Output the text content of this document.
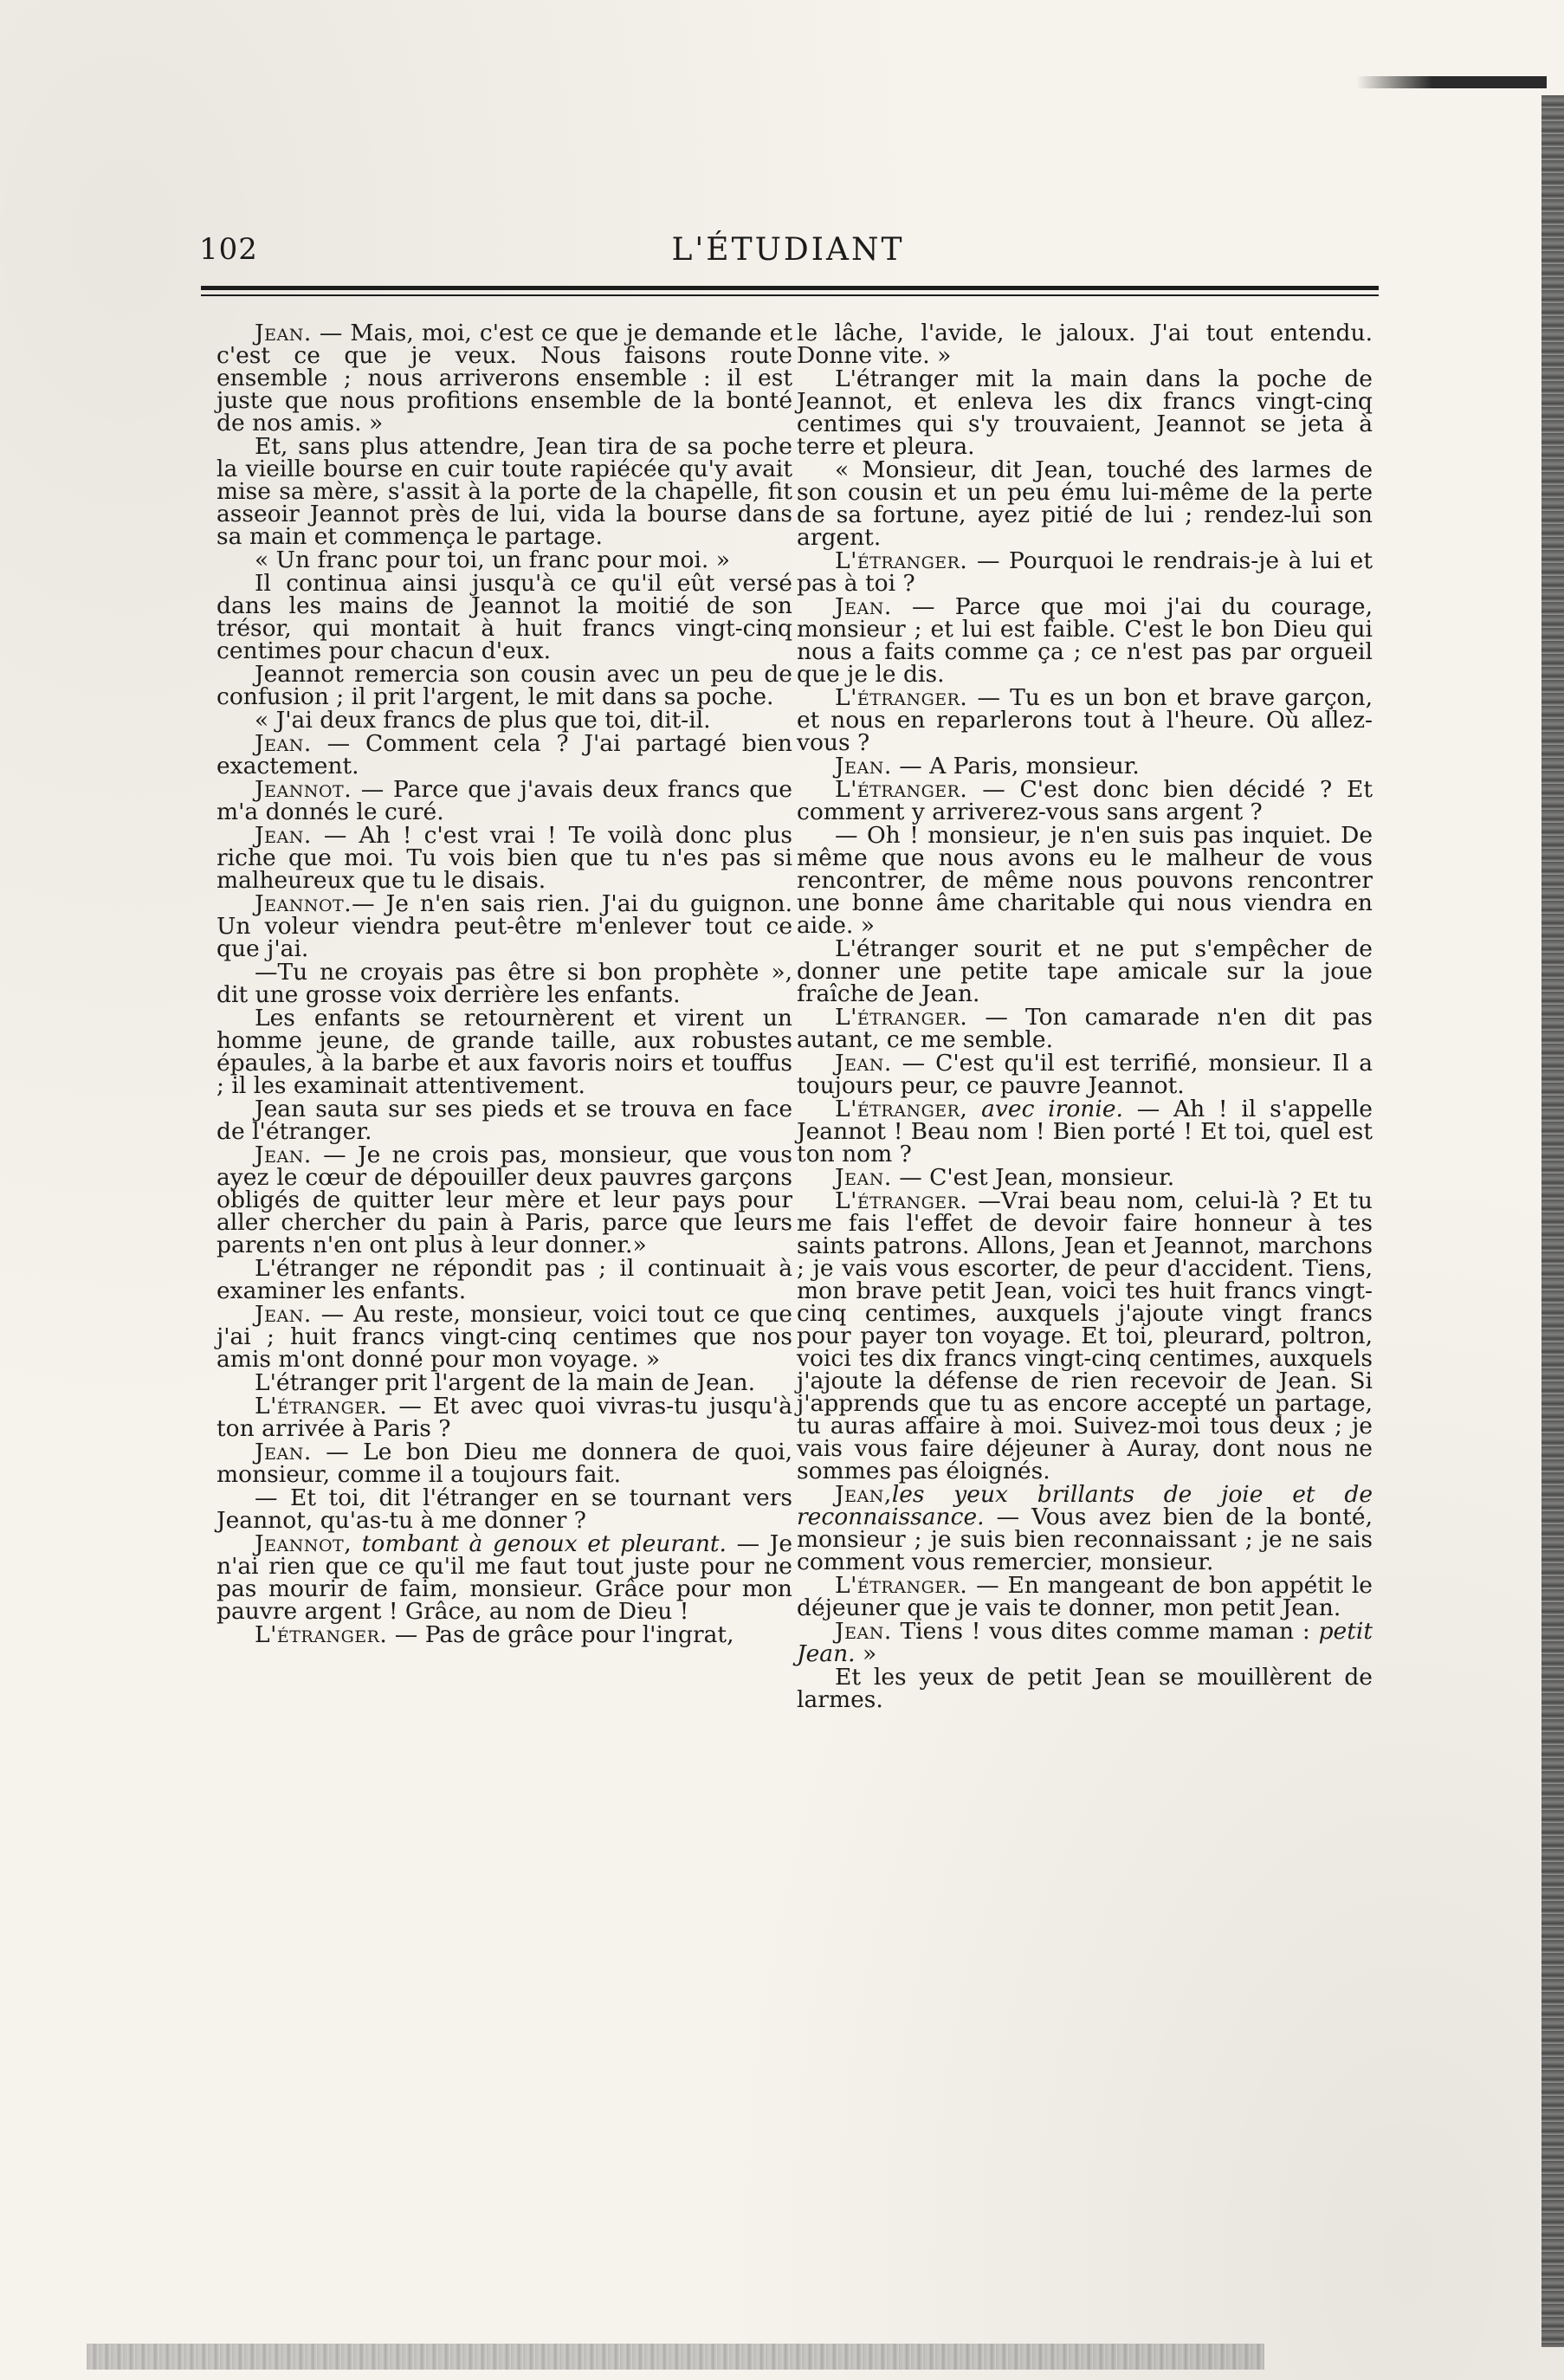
102	L'ÉTUDIANT

Jean. — Mais, moi, c'est ce que je demande et c'est ce que je veux. Nous faisons route ensemble ; nous arriverons ensemble : il est juste que nous profitions ensemble de la bonté de nos amis. »

Et, sans plus attendre, Jean tira de sa poche la vieille bourse en cuir toute rapiécée qu'y avait mise sa mère, s'assit à la porte de la chapelle, fit asseoir Jeannot près de lui, vida la bourse dans sa main et commença le partage.

« Un franc pour toi, un franc pour moi. »

Il continua ainsi jusqu'à ce qu'il eût versé dans les mains de Jeannot la moitié de son trésor, qui montait à huit francs vingt-cinq centimes pour chacun d'eux.

Jeannot remercia son cousin avec un peu de confusion ; il prit l'argent, le mit dans sa poche.

« J'ai deux francs de plus que toi, dit-il.

Jean. — Comment cela ? J'ai partagé bien exactement.

Jeannot. — Parce que j'avais deux francs que m'a donnés le curé.

Jean. — Ah ! c'est vrai ! Te voilà donc plus riche que moi. Tu vois bien que tu n'es pas si malheureux que tu le disais.

Jeannot.— Je n'en sais rien. J'ai du guignon. Un voleur viendra peut-être m'enlever tout ce que j'ai.

—Tu ne croyais pas être si bon prophète », dit une grosse voix derrière les enfants.

Les enfants se retournèrent et virent un homme jeune, de grande taille, aux robustes épaules, à la barbe et aux favoris noirs et touffus ; il les examinait attentivement.

Jean sauta sur ses pieds et se trouva en face de l'étranger.

Jean. — Je ne crois pas, monsieur, que vous ayez le cœur de dépouiller deux pauvres garçons obligés de quitter leur mère et leur pays pour aller chercher du pain à Paris, parce que leurs parents n'en ont plus à leur donner.»

L'étranger ne répondit pas ; il continuait à examiner les enfants.

Jean. — Au reste, monsieur, voici tout ce que j'ai ; huit francs vingt-cinq centimes que nos amis m'ont donné pour mon voyage. »

L'étranger prit l'argent de la main de Jean.

L'étranger. — Et avec quoi vivras-tu jusqu'à ton arrivée à Paris ?

Jean. — Le bon Dieu me donnera de quoi, monsieur, comme il a toujours fait.

— Et toi, dit l'étranger en se tournant vers Jeannot, qu'as-tu à me donner ?

Jeannot, tombant à genoux et pleurant. — Je n'ai rien que ce qu'il me faut tout juste pour ne pas mourir de faim, monsieur. Grâce pour mon pauvre argent ! Grâce, au nom de Dieu !

L'étranger. — Pas de grâce pour l'ingrat,

le lâche, l'avide, le jaloux. J'ai tout entendu. Donne vite. »

L'étranger mit la main dans la poche de Jeannot, et enleva les dix francs vingt-cinq centimes qui s'y trouvaient, Jeannot se jeta à terre et pleura.

« Monsieur, dit Jean, touché des larmes de son cousin et un peu ému lui-même de la perte de sa fortune, ayez pitié de lui ; rendez-lui son argent.

L'étranger. — Pourquoi le rendrais-je à lui et pas à toi ?

Jean. — Parce que moi j'ai du courage, monsieur ; et lui est faible. C'est le bon Dieu qui nous a faits comme ça ; ce n'est pas par orgueil que je le dis.

L'étranger. — Tu es un bon et brave garçon, et nous en reparlerons tout à l'heure. Où allez-vous ?

Jean. — A Paris, monsieur.

L'étranger. — C'est donc bien décidé ? Et comment y arriverez-vous sans argent ?

— Oh ! monsieur, je n'en suis pas inquiet. De même que nous avons eu le malheur de vous rencontrer, de même nous pouvons rencontrer une bonne âme charitable qui nous viendra en aide. »

L'étranger sourit et ne put s'empêcher de donner une petite tape amicale sur la joue fraîche de Jean.

L'étranger. — Ton camarade n'en dit pas autant, ce me semble.

Jean. — C'est qu'il est terrifié, monsieur. Il a toujours peur, ce pauvre Jeannot.

L'étranger, avec ironie. — Ah ! il s'appelle Jeannot ! Beau nom ! Bien porté ! Et toi, quel est ton nom ?

Jean. — C'est Jean, monsieur.

L'étranger. —Vrai beau nom, celui-là ? Et tu me fais l'effet de devoir faire honneur à tes saints patrons. Allons, Jean et Jeannot, marchons ; je vais vous escorter, de peur d'accident. Tiens, mon brave petit Jean, voici tes huit francs vingt-cinq centimes, auxquels j'ajoute vingt francs pour payer ton voyage. Et toi, pleurard, poltron, voici tes dix francs vingt-cinq centimes, auxquels j'ajoute la défense de rien recevoir de Jean. Si j'apprends que tu as encore accepté un partage, tu auras affaire à moi. Suivez-moi tous deux ; je vais vous faire déjeuner à Auray, dont nous ne sommes pas éloignés.

Jean,les yeux brillants de joie et de reconnaissance. — Vous avez bien de la bonté, monsieur ; je suis bien reconnaissant ; je ne sais comment vous remercier, monsieur.

L'étranger. — En mangeant de bon appétit le déjeuner que je vais te donner, mon petit Jean.

Jean. Tiens ! vous dites comme maman : petit Jean. »

Et les yeux de petit Jean se mouillèrent de larmes.
